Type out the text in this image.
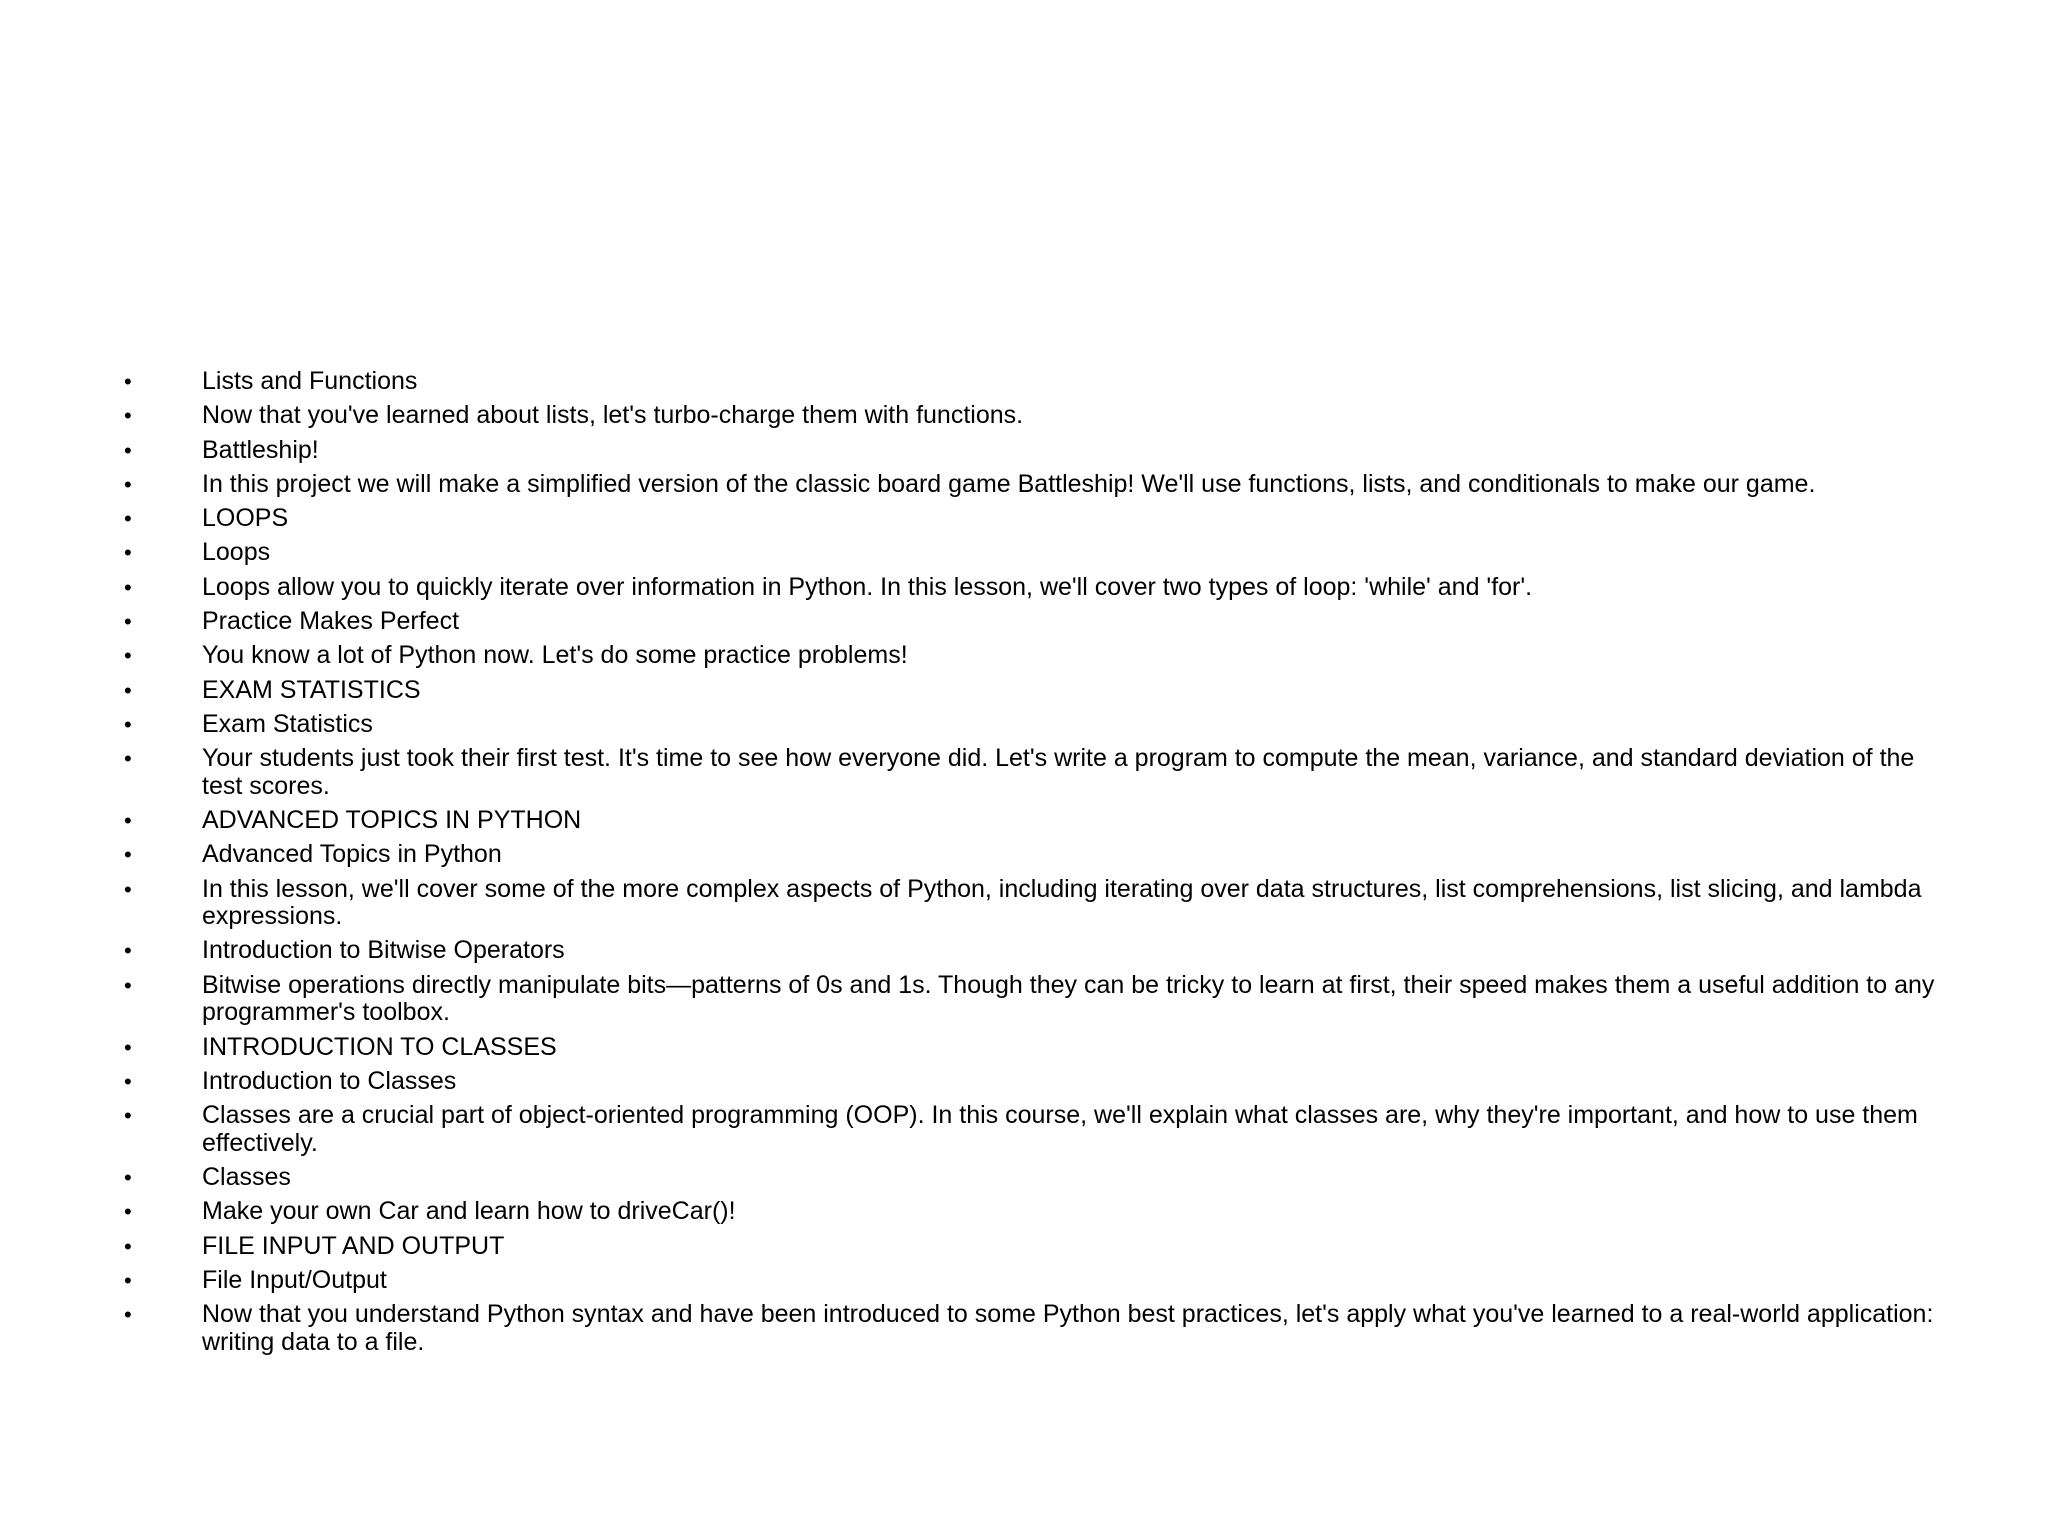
•	Lists and Functions
•	Now that you've learned about lists, let's turbo-charge them with functions.
•	Battleship!
•	In this project we will make a simplified version of the classic board game Battleship! We'll use functions, lists, and conditionals to make our game.
•	LOOPS
•	Loops
•	Loops allow you to quickly iterate over information in Python. In this lesson, we'll cover two types of loop: 'while' and 'for'.
•	Practice Makes Perfect
•	You know a lot of Python now. Let's do some practice problems!
•	EXAM STATISTICS
•	Exam Statistics
•	Your students just took their first test. It's time to see how everyone did. Let's write a program to compute the mean, variance, and standard deviation of the test scores.
•	ADVANCED TOPICS IN PYTHON
•	Advanced Topics in Python
•	In this lesson, we'll cover some of the more complex aspects of Python, including iterating over data structures, list comprehensions, list slicing, and lambda expressions.
•	Introduction to Bitwise Operators
•	Bitwise operations directly manipulate bits—patterns of 0s and 1s. Though they can be tricky to learn at first, their speed makes them a useful addition to any programmer's toolbox.
•	INTRODUCTION TO CLASSES
•	Introduction to Classes
•	Classes are a crucial part of object-oriented programming (OOP). In this course, we'll explain what classes are, why they're important, and how to use them effectively.
•	Classes
•	Make your own Car and learn how to driveCar()!
•	FILE INPUT AND OUTPUT
•	File Input/Output
•	Now that you understand Python syntax and have been introduced to some Python best practices, let's apply what you've learned to a real-world application: writing data to a file.
